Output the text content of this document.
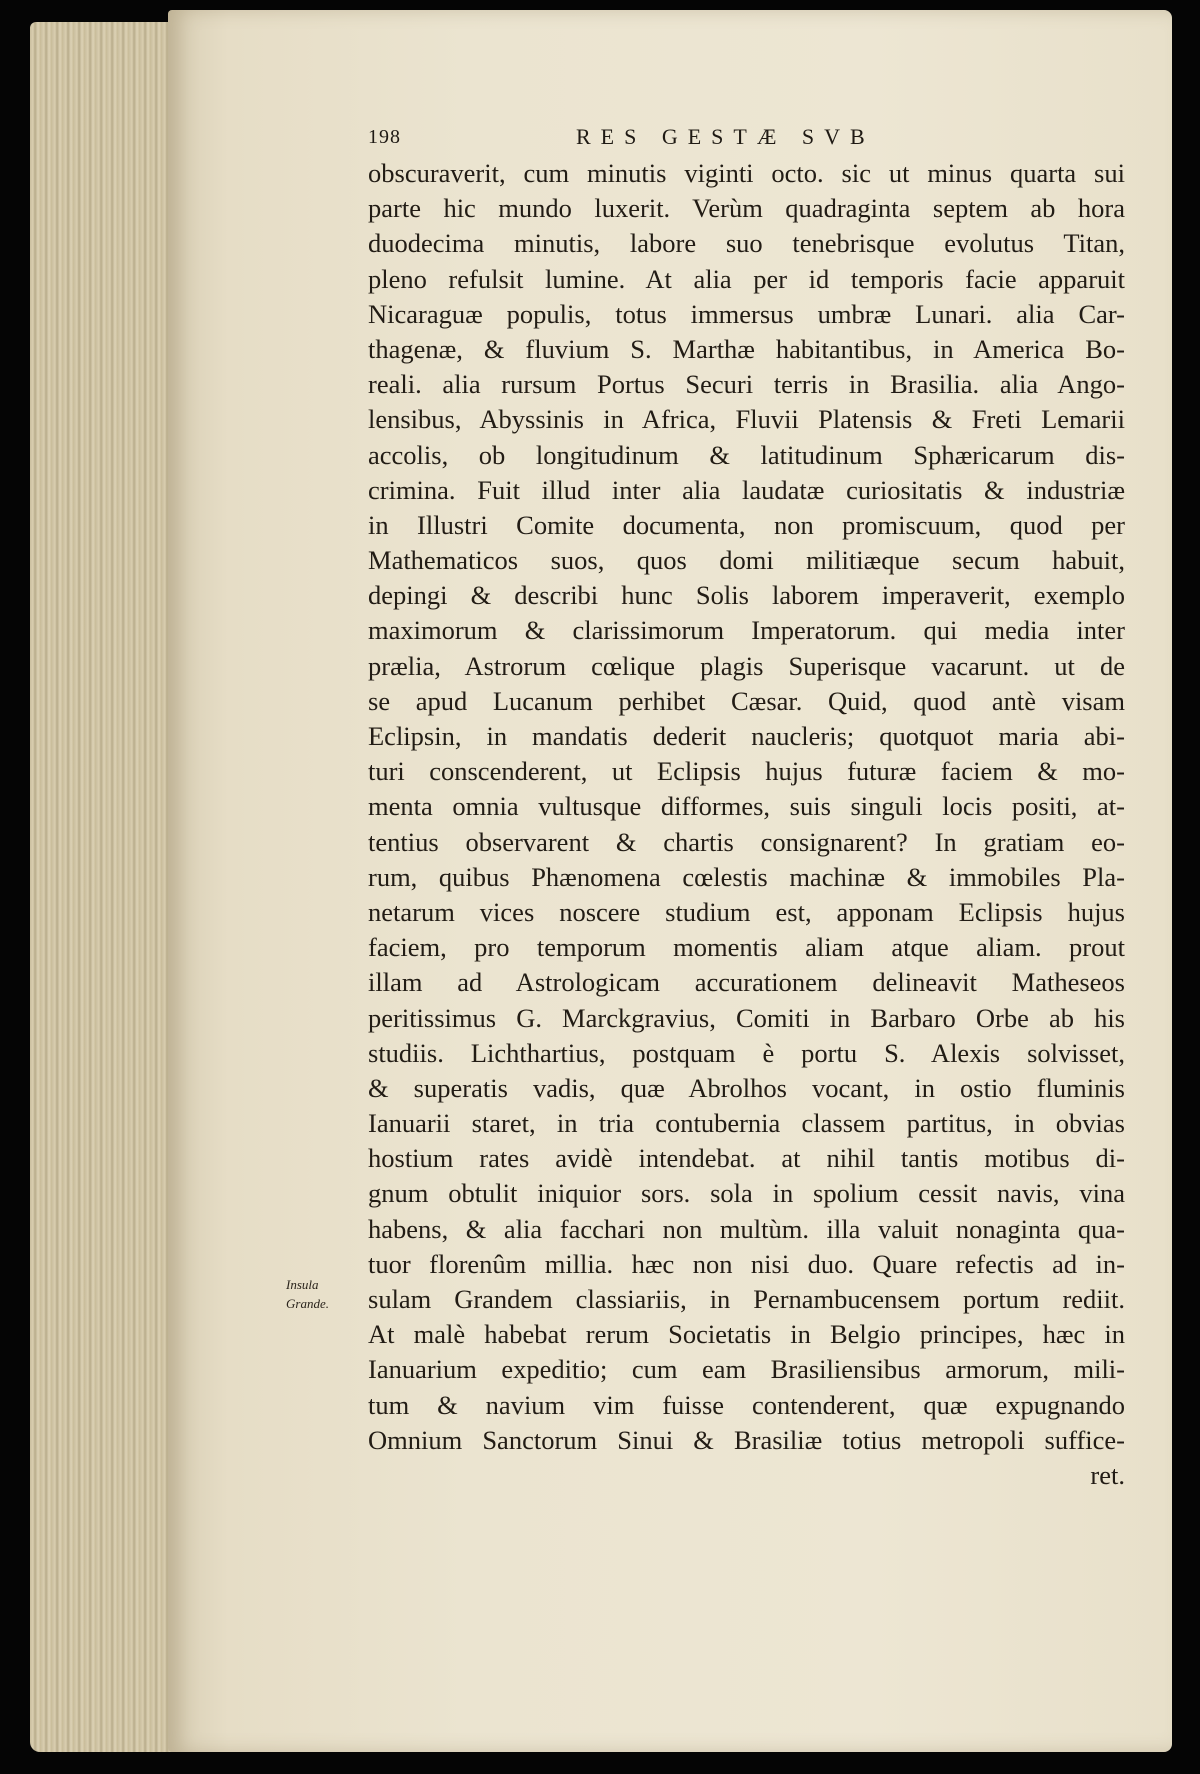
198	RES GESTÆ SVB
Insula
Grande.
obscuraverit, cum minutis viginti octo. sic ut minus quarta sui
parte hic mundo luxerit. Verùm quadraginta septem ab hora
duodecima minutis, labore suo tenebrisque evolutus Titan,
pleno refulsit lumine. At alia per id temporis facie apparuit
Nicaraguæ populis, totus immersus umbræ Lunari. alia Car-
thagenæ, & fluvium S. Marthæ habitantibus, in America Bo-
reali. alia rursum Portus Securi terris in Brasilia. alia Ango-
lensibus, Abyssinis in Africa, Fluvii Platensis & Freti Lemarii
accolis, ob longitudinum & latitudinum Sphæricarum dis-
crimina. Fuit illud inter alia laudatæ curiositatis & industriæ
in Illustri Comite documenta, non promiscuum, quod per
Mathematicos suos, quos domi militiæque secum habuit,
depingi & describi hunc Solis laborem imperaverit, exemplo
maximorum & clarissimorum Imperatorum. qui media inter
prælia, Astrorum cœlique plagis Superisque vacarunt. ut de
se apud Lucanum perhibet Cæsar. Quid, quod antè visam
Eclipsin, in mandatis dederit naucleris; quotquot maria abi-
turi conscenderent, ut Eclipsis hujus futuræ faciem & mo-
menta omnia vultusque difformes, suis singuli locis positi, at-
tentius observarent & chartis consignarent? In gratiam eo-
rum, quibus Phænomena cœlestis machinæ & immobiles Pla-
netarum vices noscere studium est, apponam Eclipsis hujus
faciem, pro temporum momentis aliam atque aliam. prout
illam ad Astrologicam accurationem delineavit Matheseos
peritissimus G. Marckgravius, Comiti in Barbaro Orbe ab his
studiis. Lichthartius, postquam è portu S. Alexis solvisset,
& superatis vadis, quæ Abrolhos vocant, in ostio fluminis
Ianuarii staret, in tria contubernia classem partitus, in obvias
hostium rates avidè intendebat. at nihil tantis motibus di-
gnum obtulit iniquior sors. sola in spolium cessit navis, vina
habens, & alia facchari non multùm. illa valuit nonaginta qua-
tuor florenûm millia. hæc non nisi duo. Quare refectis ad in-
sulam Grandem classiariis, in Pernambucensem portum rediit.
At malè habebat rerum Societatis in Belgio principes, hæc in
Ianuarium expeditio; cum eam Brasiliensibus armorum, mili-
tum & navium vim fuisse contenderent, quæ expugnando
Omnium Sanctorum Sinui & Brasiliæ totius metropoli suffice-
ret.
